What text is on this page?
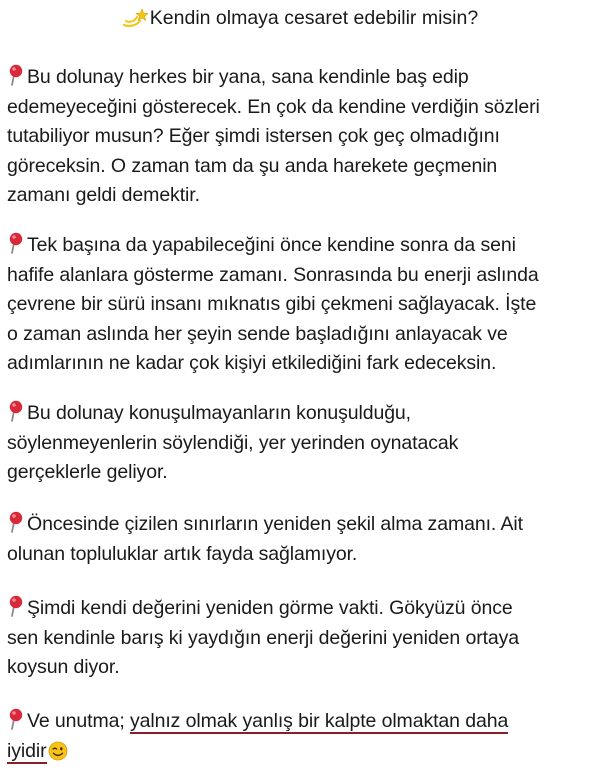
Kendin olmaya cesaret edebilir misin?
Bu dolunay herkes bir yana, sana kendinle baş edip
edemeyeceğini gösterecek. En çok da kendine verdiğin sözleri
tutabiliyor musun? Eğer şimdi istersen çok geç olmadığını
göreceksin. O zaman tam da şu anda harekete geçmenin
zamanı geldi demektir.
Tek başına da yapabileceğini önce kendine sonra da seni
hafife alanlara gösterme zamanı. Sonrasında bu enerji aslında
çevrene bir sürü insanı mıknatıs gibi çekmeni sağlayacak. İşte
o zaman aslında her şeyin sende başladığını anlayacak ve
adımlarının ne kadar çok kişiyi etkilediğini fark edeceksin.
Bu dolunay konuşulmayanların konuşulduğu,
söylenmeyenlerin söylendiği, yer yerinden oynatacak
gerçeklerle geliyor.
Öncesinde çizilen sınırların yeniden şekil alma zamanı. Ait
olunan topluluklar artık fayda sağlamıyor.
Şimdi kendi değerini yeniden görme vakti. Gökyüzü önce
sen kendinle barış ki yaydığın enerji değerini yeniden ortaya
koysun diyor.
Ve unutma; yalnız olmak yanlış bir kalpte olmaktan daha
iyidir
